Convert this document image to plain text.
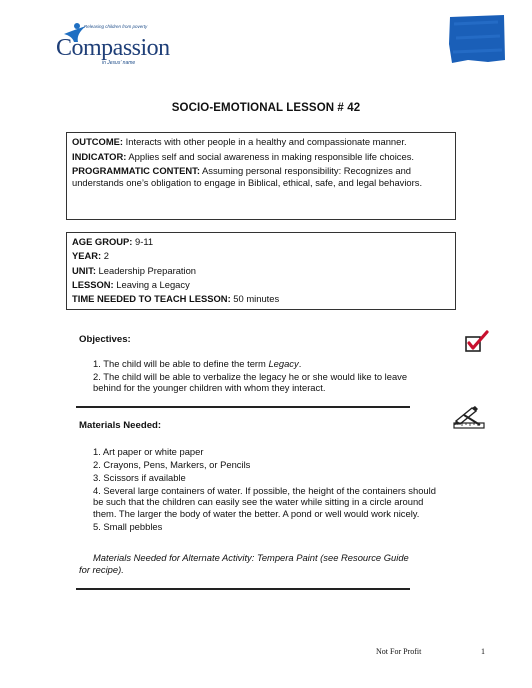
Releasing children from poverty
Compassion
in Jesus' name
SOCIO-EMOTIONAL LESSON # 42

OUTCOME: Interacts with other people in a healthy and compassionate manner.

INDICATOR: Applies self and social awareness in making responsible life choices.

PROGRAMMATIC CONTENT: Assuming personal responsibility: Recognizes and understands one’s obligation to engage in Biblical, ethical, safe, and legal behaviors.

AGE GROUP: 9-11

YEAR: 2

UNIT: Leadership Preparation

LESSON: Leaving a Legacy

TIME NEEDED TO TEACH LESSON: 50 minutes

Objectives:
1. The child will be able to define the term Legacy.
2. The child will be able to verbalize the legacy he or she would like to leave behind for the younger children with whom they interact.
Materials Needed:
1. Art paper or white paper
2. Crayons, Pens, Markers, or Pencils
3. Scissors if available
4. Several large containers of water. If possible, the height of the containers should be such that the children can easily see the water while sitting in a circle around them. The larger the body of water the better. A pond or well would work nicely.
5. Small pebbles
Materials Needed for Alternate Activity: Tempera Paint (see Resource Guide for recipe).
Not For Profit	1
